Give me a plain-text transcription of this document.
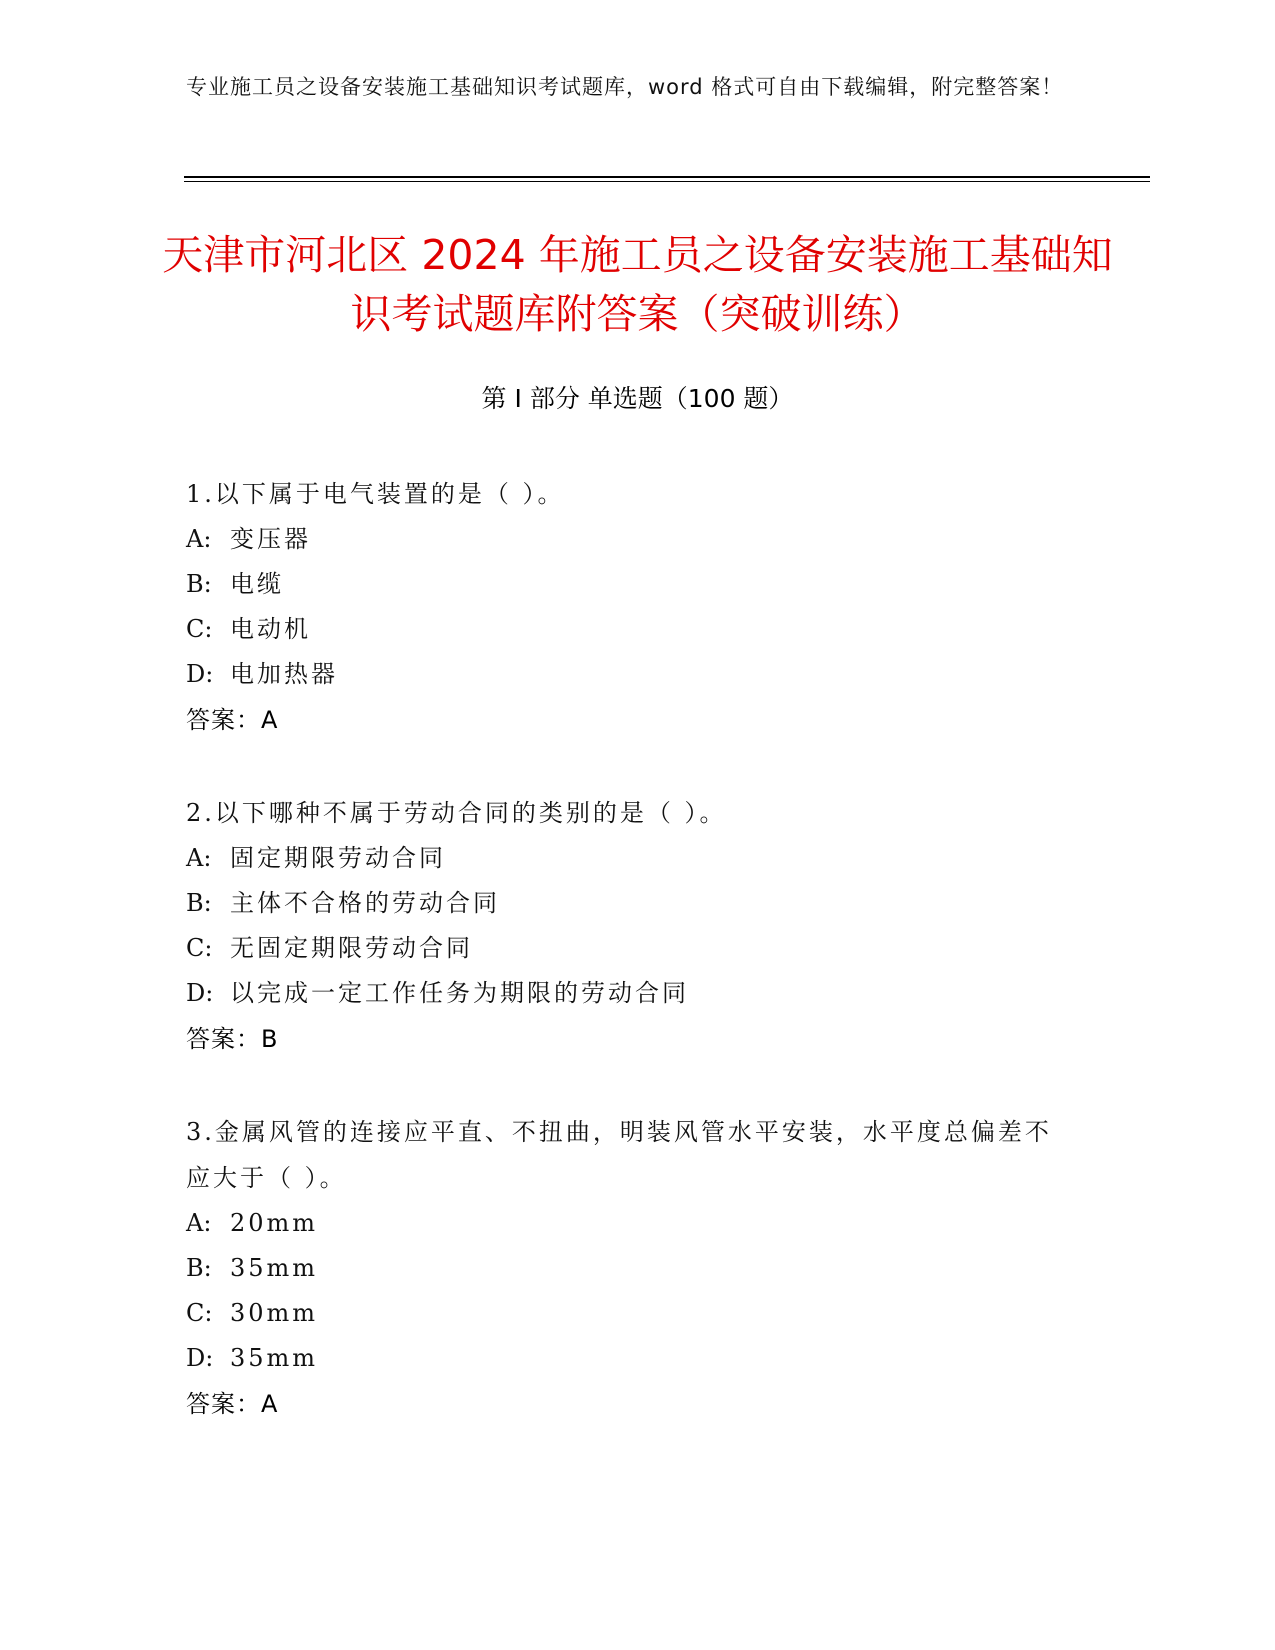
专业施工员之设备安装施工基础知识考试题库，word 格式可自由下载编辑，附完整答案！
天津市河北区 2024 年施工员之设备安装施工基础知识考试题库附答案（突破训练）
第 I 部分 单选题（100 题）
1.以下属于电气装置的是（ ）。
A: 变压器
B: 电缆
C: 电动机
D: 电加热器
答案：A
2.以下哪种不属于劳动合同的类别的是（ ）。
A: 固定期限劳动合同
B: 主体不合格的劳动合同
C: 无固定期限劳动合同
D: 以完成一定工作任务为期限的劳动合同
答案：B
3.金属风管的连接应平直、不扭曲，明装风管水平安装，水平度总偏差不应大于（ ）。
A: 20mm
B: 35mm
C: 30mm
D: 35mm
答案：A
